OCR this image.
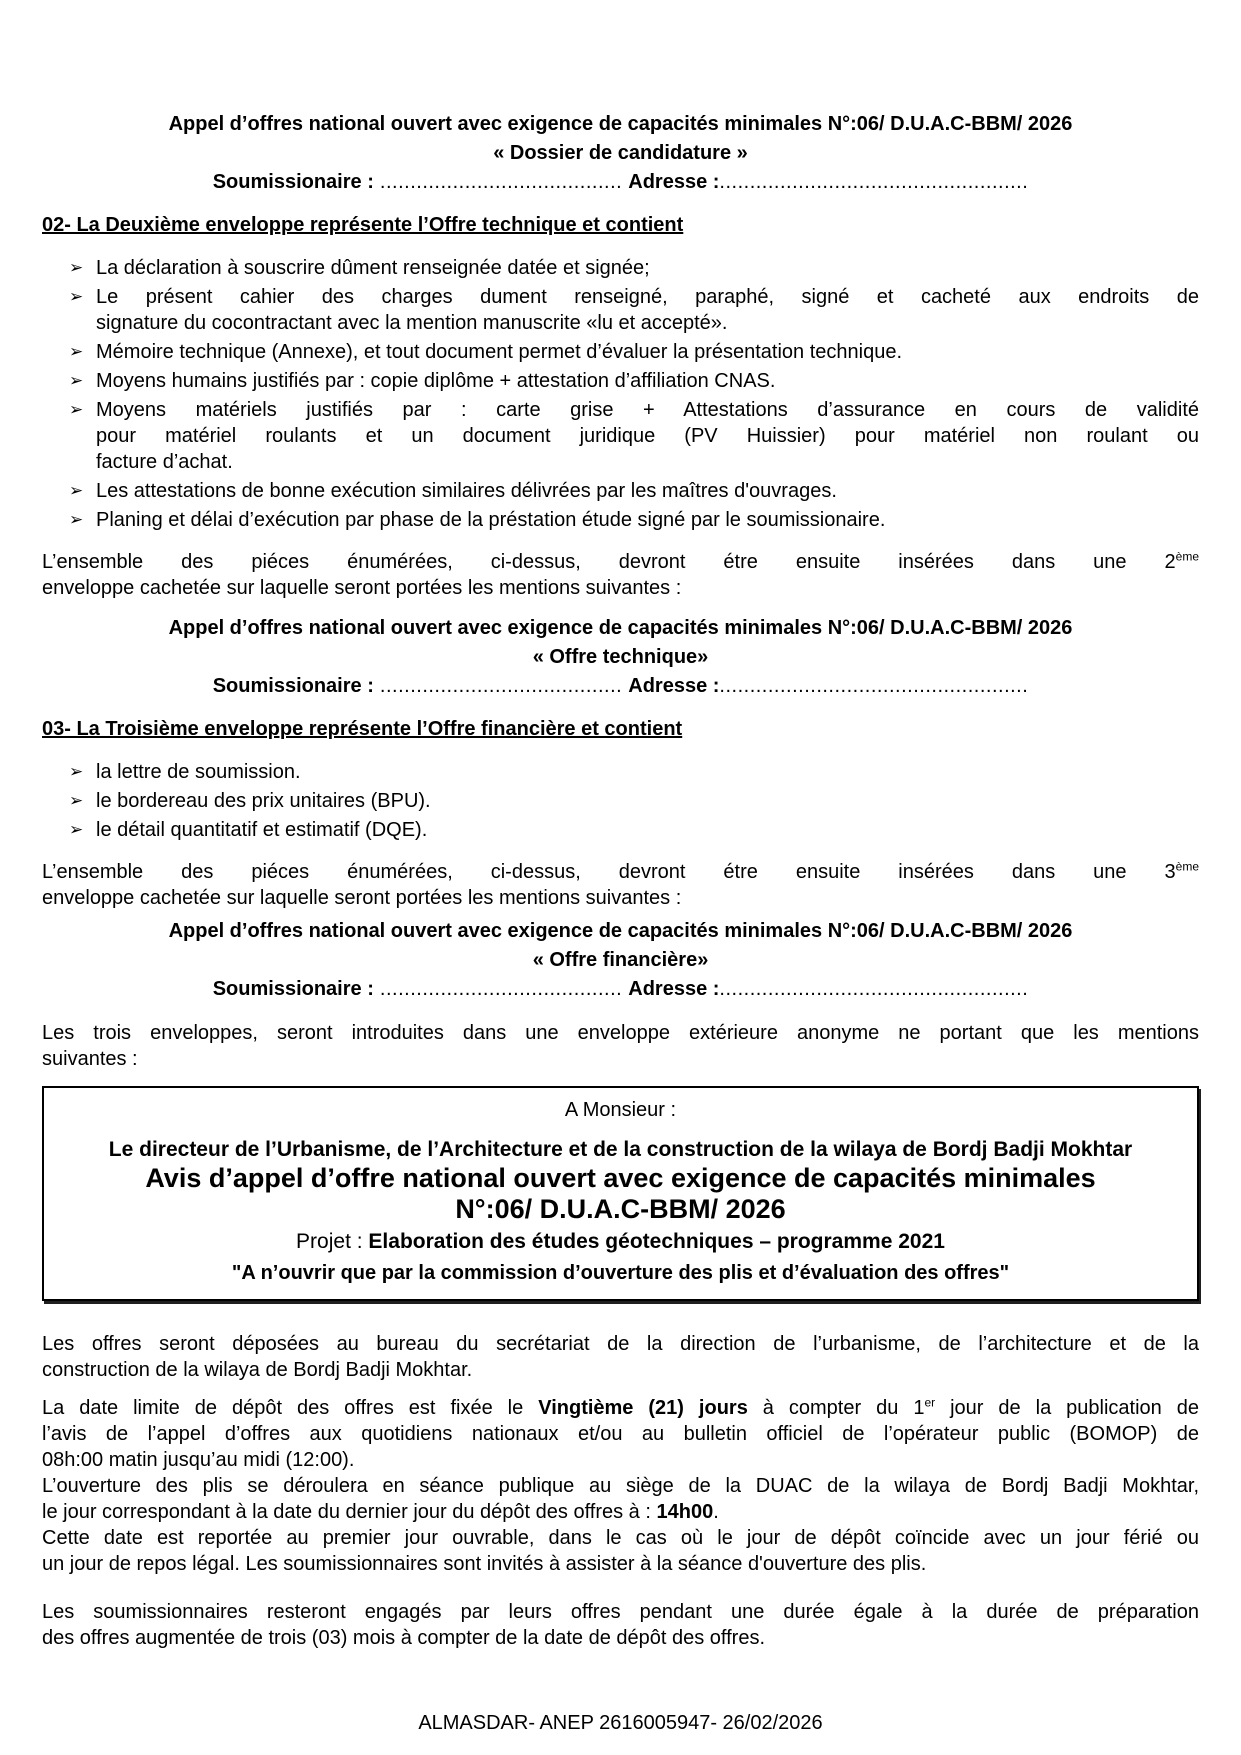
Appel d’offres national ouvert avec exigence de capacités minimales N°:06/ D.U.A.C-BBM/ 2026
« Dossier de candidature »
Soumissionaire : ........................................ Adresse :...................................................
02- La Deuxième enveloppe représente l’Offre technique et contient
➢ La déclaration à souscrire dûment renseignée datée et signée;
➢ Le présent cahier des charges dument renseigné, paraphé, signé et cacheté aux endroits de
signature du cocontractant avec la mention manuscrite «lu et accepté».
➢ Mémoire technique (Annexe), et tout document permet d’évaluer la présentation technique.
➢ Moyens humains justifiés par : copie diplôme + attestation d’affiliation CNAS.
➢ Moyens matériels justifiés par : carte grise + Attestations d’assurance en cours de validité
pour matériel roulants et un document juridique (PV Huissier) pour matériel non roulant ou
facture d’achat.
➢ Les attestations de bonne exécution similaires délivrées par les maîtres d'ouvrages.
➢ Planing et délai d’exécution par phase de la préstation étude signé par le soumissionaire.
L’ensemble des piéces énumérées, ci-dessus, devront étre ensuite insérées dans une 2ème
enveloppe cachetée sur laquelle seront portées les mentions suivantes :
Appel d’offres national ouvert avec exigence de capacités minimales N°:06/ D.U.A.C-BBM/ 2026
« Offre technique»
Soumissionaire : ........................................ Adresse :...................................................
03- La Troisième enveloppe représente l’Offre financière et contient
➢ la lettre de soumission.
➢ le bordereau des prix unitaires (BPU).
➢ le détail quantitatif et estimatif (DQE).
L’ensemble des piéces énumérées, ci-dessus, devront étre ensuite insérées dans une 3ème
enveloppe cachetée sur laquelle seront portées les mentions suivantes :
Appel d’offres national ouvert avec exigence de capacités minimales N°:06/ D.U.A.C-BBM/ 2026
« Offre financière»
Soumissionaire : ........................................ Adresse :...................................................
Les trois enveloppes, seront introduites dans une enveloppe extérieure anonyme ne portant que les mentions
suivantes :
A Monsieur :
Le directeur de l’Urbanisme, de l’Architecture et de la construction de la wilaya de Bordj Badji Mokhtar
Avis d’appel d’offre national ouvert avec exigence de capacités minimales
N°:06/ D.U.A.C-BBM/ 2026
Projet : Elaboration des études géotechniques – programme 2021
"A n’ouvrir que par la commission d’ouverture des plis et d’évaluation des offres"
Les offres seront déposées au bureau du secrétariat de la direction de l’urbanisme, de l’architecture et de la
construction de la wilaya de Bordj Badji Mokhtar.
La date limite de dépôt des offres est fixée le Vingtième (21) jours à compter du 1er jour de la publication de
l’avis de l’appel d’offres aux quotidiens nationaux et/ou au bulletin officiel de l’opérateur public (BOMOP) de
08h:00 matin jusqu’au midi (12:00).
L’ouverture des plis se déroulera en séance publique au siège de la DUAC de la wilaya de Bordj Badji Mokhtar,
le jour correspondant à la date du dernier jour du dépôt des offres à : 14h00.
Cette date est reportée au premier jour ouvrable, dans le cas où le jour de dépôt coïncide avec un jour férié ou
un jour de repos légal. Les soumissionnaires sont invités à assister à la séance d'ouverture des plis.
Les soumissionnaires resteront engagés par leurs offres pendant une durée égale à la durée de préparation
des offres augmentée de trois (03) mois à compter de la date de dépôt des offres.
ALMASDAR- ANEP 2616005947- 26/02/2026
